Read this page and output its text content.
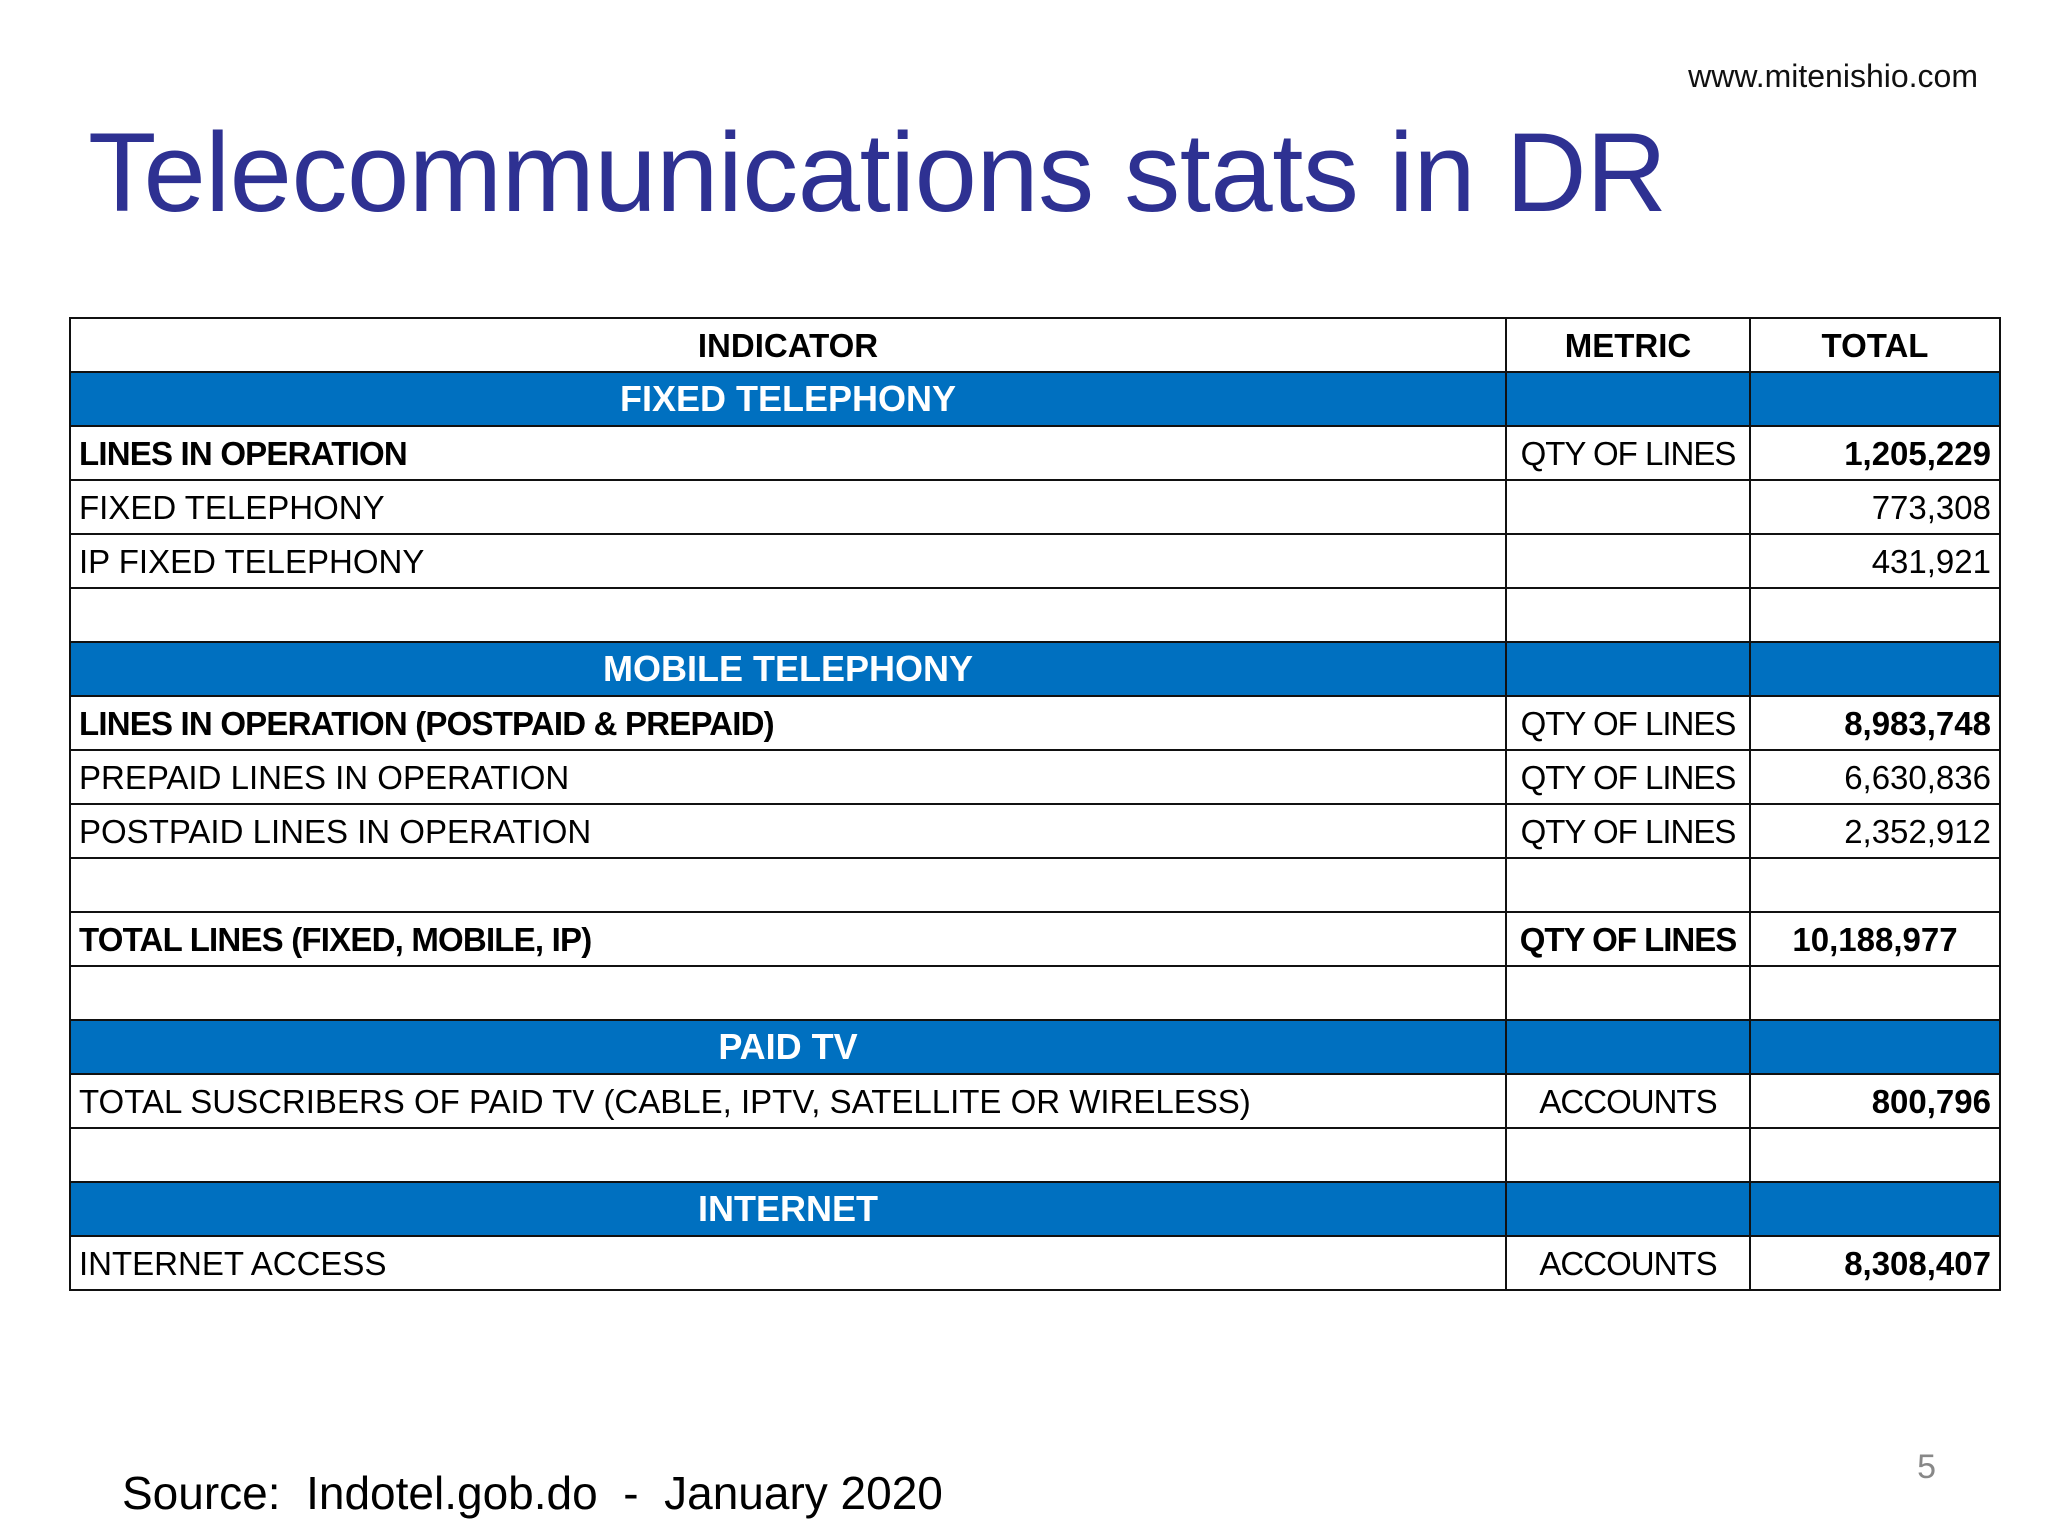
www.mitenishio.com
Telecommunications stats in DR
INDICATOR	METRIC	TOTAL
FIXED TELEPHONY		
LINES IN OPERATION	QTY OF LINES	1,205,229
FIXED TELEPHONY		773,308
IP FIXED TELEPHONY		431,921

MOBILE TELEPHONY		
LINES IN OPERATION (POSTPAID & PREPAID)	QTY OF LINES	8,983,748
PREPAID LINES IN OPERATION	QTY OF LINES	6,630,836
POSTPAID LINES IN OPERATION	QTY OF LINES	2,352,912

TOTAL LINES (FIXED, MOBILE, IP)	QTY OF LINES	10,188,977

PAID TV		
TOTAL SUSCRIBERS OF PAID TV (CABLE, IPTV, SATELLITE OR WIRELESS)	ACCOUNTS	800,796

INTERNET		
INTERNET ACCESS	ACCOUNTS	8,308,407
Source:  Indotel.gob.do  -  January 2020	5
